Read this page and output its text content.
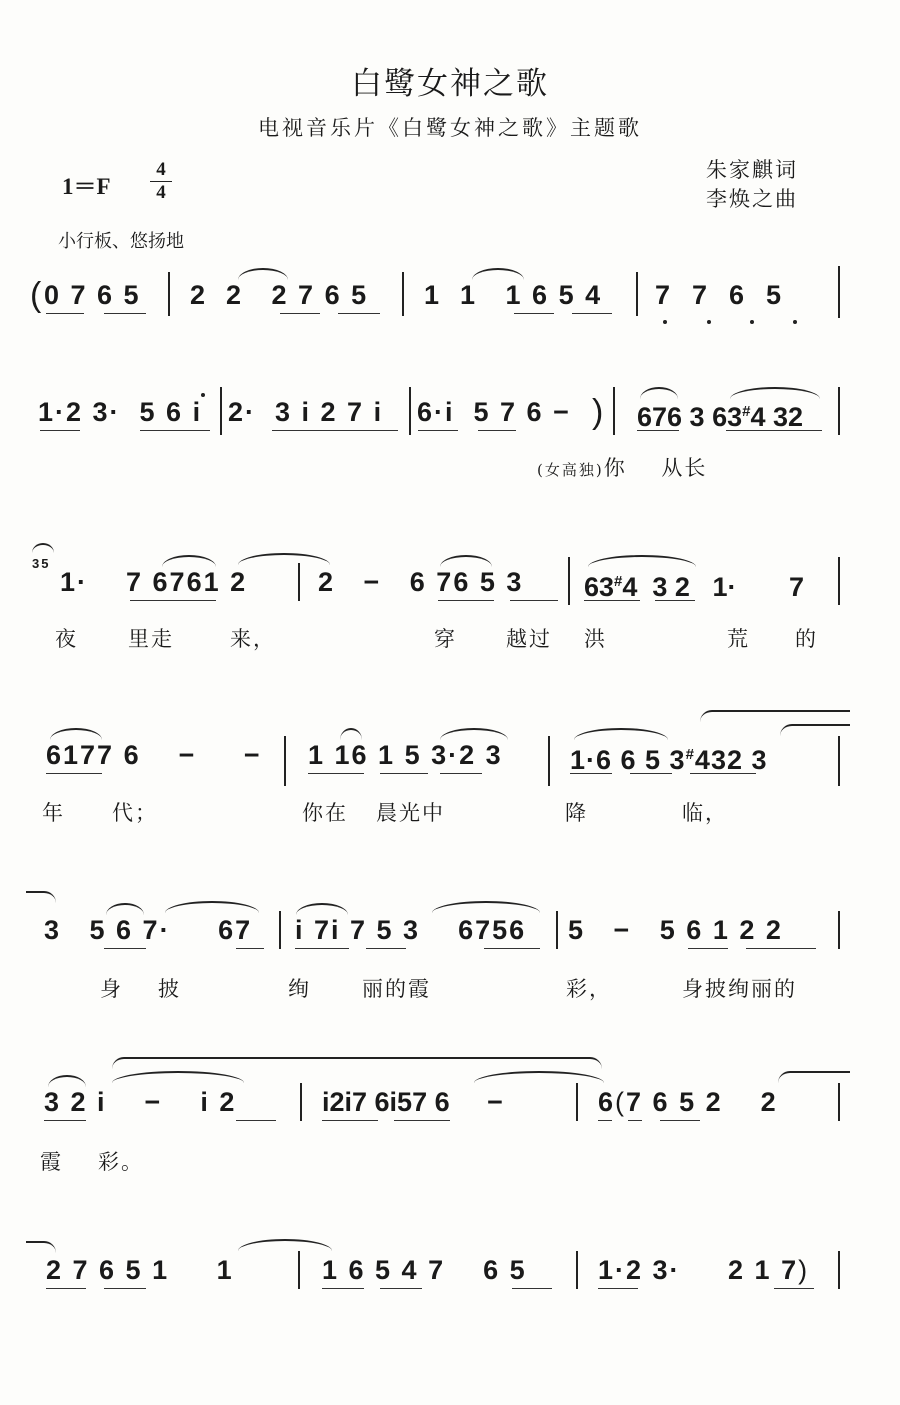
白鹭女神之歌
电视音乐片《白鹭女神之歌》主题歌
1＝F
4
4
朱家麒词
李焕之曲
小行板、悠扬地
( 0 7 6 5 2  2   2 7 6 5 1  1   1 6 5 4 7765
1·2 3·  5 6 i 2·  3 i 2 7 i 6·i  5 7 6 − ) 676 3 63#4 32
(女高独)你    从长
35
1·    7 6761 2	2   −   6 76 5 3 63#4  3 2   1·       7
夜 里走	来，	穿 越过 洪	荒 的
6177 6    −     − 1 16 1 5 3·2 3 1·6 6 5 3#432 3
年 代；	你在 晨光中	降	临，
3   5 6 7·     67 i 7i 7 5 3    6756 5   −   5 6 1 2 2
身 披	绚 丽的霞	彩，	身披绚丽的
3 2 i    −    i 2	i2i7 6i57 6     −	6(7 6 5 2    2
霞 彩。
2 7 6 5 1     1	1 6 5 4 7    6 5	1·2 3·     2 1 7)
